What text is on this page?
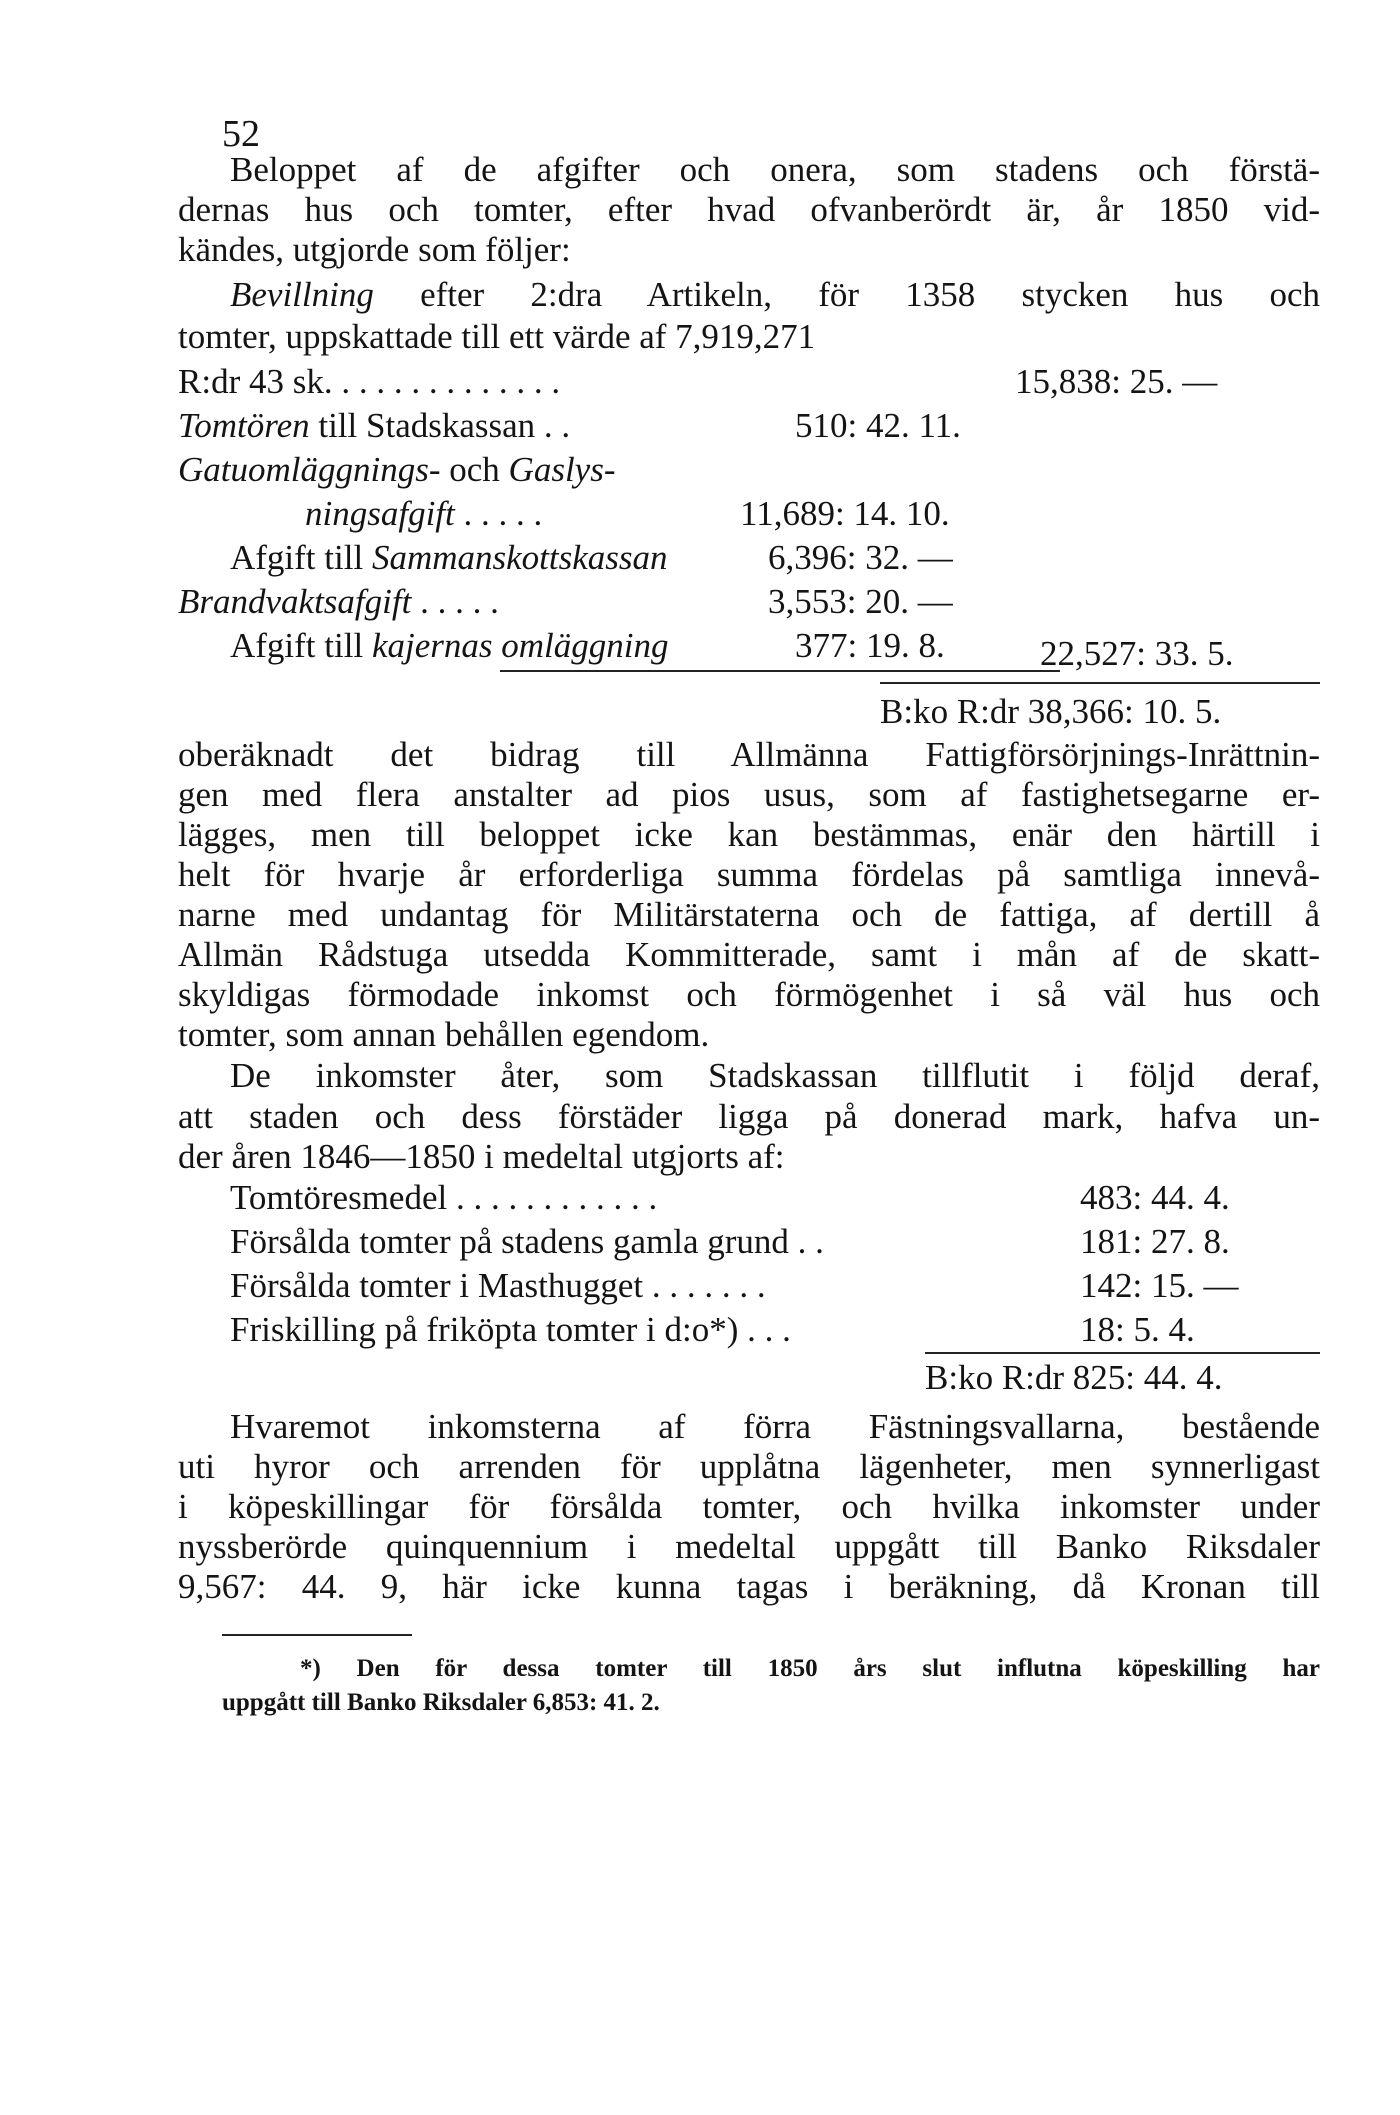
52
Beloppet af de afgifter och onera, som stadens och förstä-
dernas hus och tomter, efter hvad ofvanberördt är, år 1850 vid-
kändes, utgjorde som följer:
Bevillning efter 2:dra Artikeln, för 1358 stycken hus och
tomter, uppskattade till ett värde af 7,919,271
R:dr 43 sk. . . . . . . . . . . . . .	15,838: 25. —
Tomtören till Stadskassan . .	510: 42. 11.
Gatuomläggnings- och Gaslys-
ningsafgift . . . . .	11,689: 14. 10.
Afgift till Sammanskottskassan	6,396: 32. —
Brandvaktsafgift . . . . .	3,553: 20. —
Afgift till kajernas omläggning	377: 19. 8.	22,527: 33. 5.
B:ko R:dr 38,366: 10. 5.
oberäknadt det bidrag till Allmänna Fattigförsörjnings-Inrättnin-
gen med flera anstalter ad pios usus, som af fastighetsegarne er-
lägges, men till beloppet icke kan bestämmas, enär den härtill i
helt för hvarje år erforderliga summa fördelas på samtliga innevå-
narne med undantag för Militärstaterna och de fattiga, af dertill å
Allmän Rådstuga utsedda Kommitterade, samt i mån af de skatt-
skyldigas förmodade inkomst och förmögenhet i så väl hus och
tomter, som annan behållen egendom.
De inkomster åter, som Stadskassan tillflutit i följd deraf,
att staden och dess förstäder ligga på donerad mark, hafva un-
der åren 1846—1850 i medeltal utgjorts af:
Tomtöresmedel . . . . . . . . . . . .	483: 44. 4.
Försålda tomter på stadens gamla grund . .	181: 27. 8.
Försålda tomter i Masthugget . . . . . . .	142: 15. —
Friskilling på friköpta tomter i d:o*) . . .	18: 5. 4.
B:ko R:dr 825: 44. 4.
Hvaremot inkomsterna af förra Fästningsvallarna, bestående
uti hyror och arrenden för upplåtna lägenheter, men synnerligast
i köpeskillingar för försålda tomter, och hvilka inkomster under
nyssberörde quinquennium i medeltal uppgått till Banko Riksdaler
9,567: 44. 9, här icke kunna tagas i beräkning, då Kronan till
*) Den för dessa tomter till 1850 års slut influtna köpeskilling har
uppgått till Banko Riksdaler 6,853: 41. 2.
